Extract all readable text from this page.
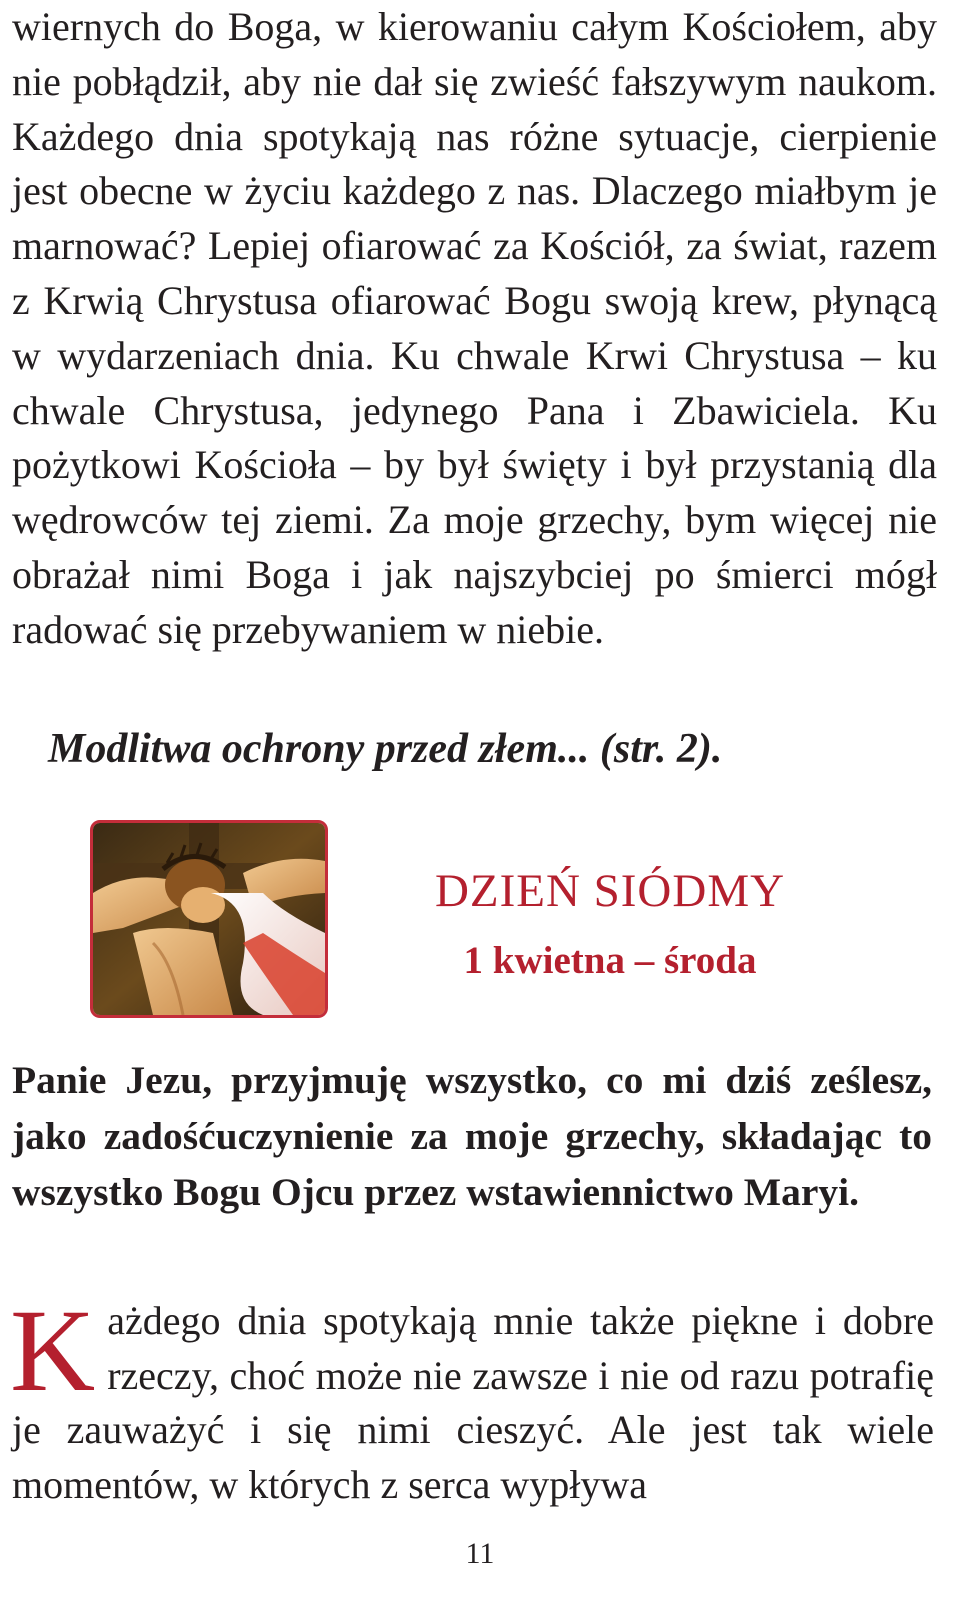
wiernych do Boga, w kierowaniu całym Kościołem, aby nie pobłądził, aby nie dał się zwieść fałszywym naukom. Każdego dnia spotykają nas różne sytuacje, cierpienie jest obecne w życiu każdego z nas. Dlaczego miałbym je marnować? Lepiej ofiarować za Kościół, za świat, razem z Krwią Chrystusa ofiarować Bogu swoją krew, płynącą w wydarzeniach dnia. Ku chwale Krwi Chrystusa – ku chwale Chrystusa, jedynego Pana i Zbawiciela. Ku pożytkowi Kościoła – by był święty i był przystanią dla wędrowców tej ziemi. Za moje grzechy, bym więcej nie obrażał nimi Boga i jak najszybciej po śmierci mógł radować się przebywaniem w niebie.
Modlitwa ochrony przed złem... (str. 2).
DZIEŃ SIÓDMY
1 kwietna – środa

Panie Jezu, przyjmuję wszystko, co mi dziś ześlesz, jako zadośćuczynienie za moje grzechy, składając to wszystko Bogu Ojcu przez wstawiennictwo Maryi.

Każdego dnia spotykają mnie także piękne i dobre rzeczy, choć może nie zawsze i nie od razu potrafię je zauważyć i się nimi cieszyć. Ale jest tak wiele momentów, w których z serca wypływa
11
